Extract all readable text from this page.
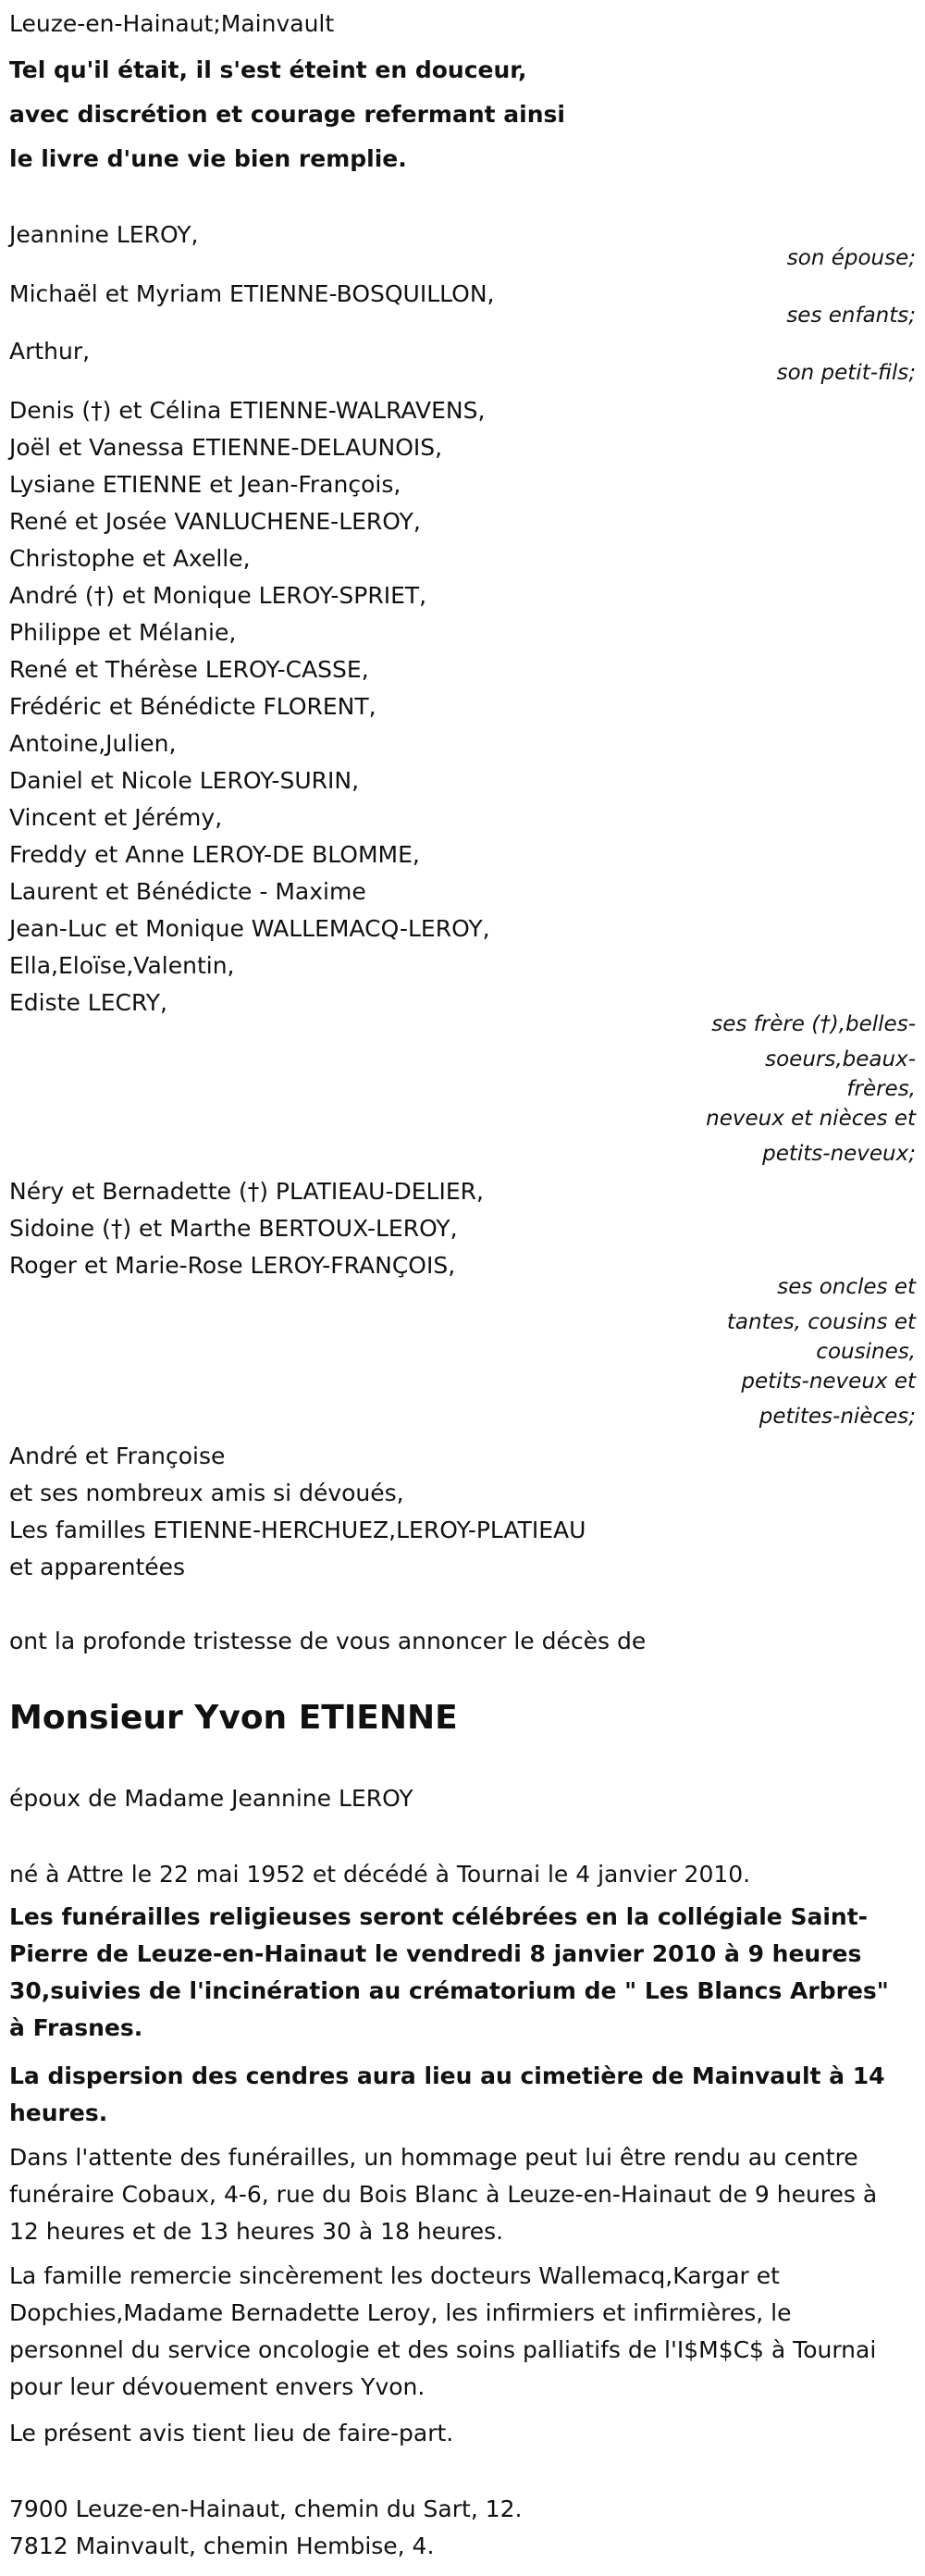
Leuze-en-Hainaut;Mainvault
Tel qu'il était, il s'est éteint en douceur,
avec discrétion et courage refermant ainsi
le livre d'une vie bien remplie.
Jeannine LEROY,
son épouse;
Michaël et Myriam ETIENNE-BOSQUILLON,
ses enfants;
Arthur,
son petit-fils;
Denis (†) et Célina ETIENNE-WALRAVENS,
Joël et Vanessa ETIENNE-DELAUNOIS,
Lysiane ETIENNE et Jean-François,
René et Josée VANLUCHENE-LEROY,
Christophe et Axelle,
André (†) et Monique LEROY-SPRIET,
Philippe et Mélanie,
René et Thérèse LEROY-CASSE,
Frédéric et Bénédicte FLORENT,
Antoine,Julien,
Daniel et Nicole LEROY-SURIN,
Vincent et Jérémy,
Freddy et Anne LEROY-DE BLOMME,
Laurent et Bénédicte - Maxime
Jean-Luc et Monique WALLEMACQ-LEROY,
Ella,Eloïse,Valentin,
Ediste LECRY,
ses frère (†),belles-
soeurs,beaux-
frères,
neveux et nièces et
petits-neveux;
Néry et Bernadette (†) PLATIEAU-DELIER,
Sidoine (†) et Marthe BERTOUX-LEROY,
Roger et Marie-Rose LEROY-FRANÇOIS,
ses oncles et
tantes, cousins et
cousines,
petits-neveux et
petites-nièces;
André et Françoise
et ses nombreux amis si dévoués,
Les familles ETIENNE-HERCHUEZ,LEROY-PLATIEAU
et apparentées
ont la profonde tristesse de vous annoncer le décès de
Monsieur Yvon ETIENNE
époux de Madame Jeannine LEROY
né à Attre le 22 mai 1952 et décédé à Tournai le 4 janvier 2010.

Les funérailles religieuses seront célébrées en la collégiale Saint-Pierre de Leuze-en-Hainaut le vendredi 8 janvier 2010 à 9 heures 30,suivies de l'incinération au crématorium de " Les Blancs Arbres" à Frasnes.

La dispersion des cendres aura lieu au cimetière de Mainvault à 14 heures.

Dans l'attente des funérailles, un hommage peut lui être rendu au centre funéraire Cobaux, 4-6, rue du Bois Blanc à Leuze-en-Hainaut de 9 heures à 12 heures et de 13 heures 30 à 18 heures.

La famille remercie sincèrement les docteurs Wallemacq,Kargar et Dopchies,Madame Bernadette Leroy, les infirmiers et infirmières, le personnel du service oncologie et des soins palliatifs de l'I$M$C$ à Tournai pour leur dévouement envers Yvon.

Le présent avis tient lieu de faire-part.
7900 Leuze-en-Hainaut, chemin du Sart, 12.
7812 Mainvault, chemin Hembise, 4.
